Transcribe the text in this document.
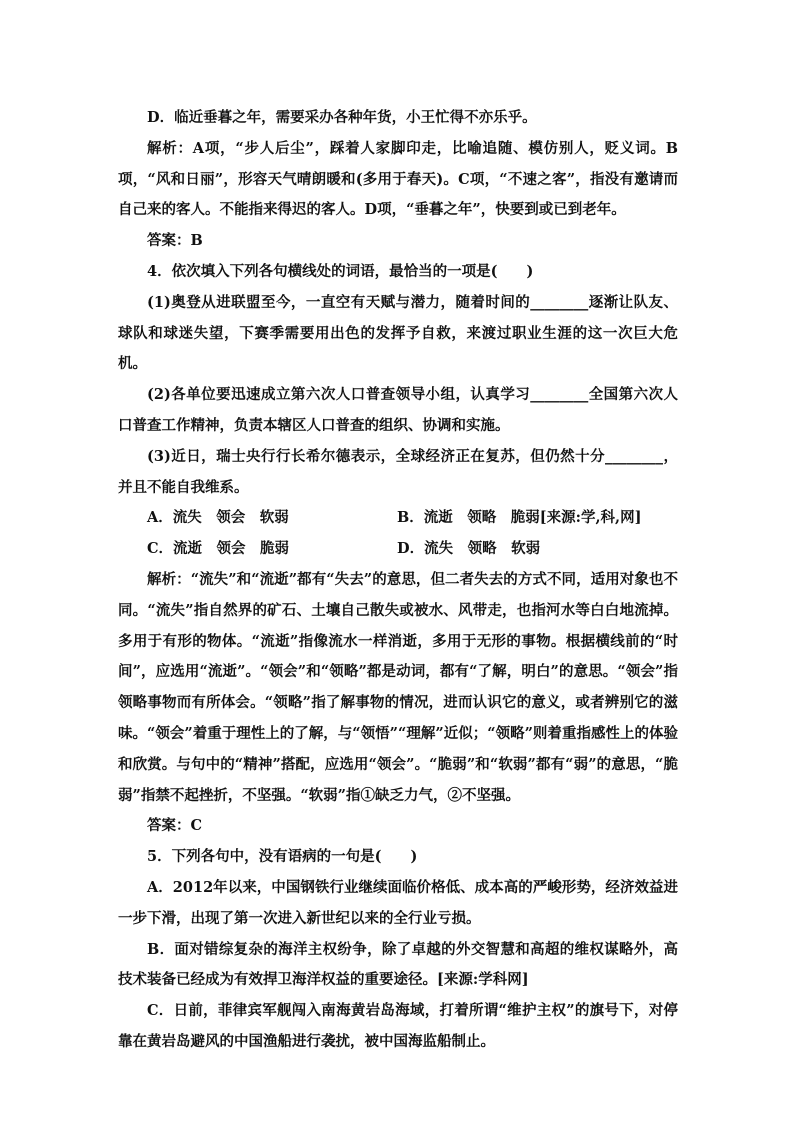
D．临近垂暮之年，需要采办各种年货，小王忙得不亦乐乎。

解析：A项，“步人后尘”，踩着人家脚印走，比喻追随、模仿别人，贬义词。B项，“风和日丽”，形容天气晴朗暖和(多用于春天)。C项，“不速之客”，指没有邀请而自己来的客人。不能指来得迟的客人。D项，“垂暮之年”，快要到或已到老年。

答案：B

4．依次填入下列各句横线处的词语，最恰当的一项是(　　)

(1)奥登从进联盟至今，一直空有天赋与潜力，随着时间的________逐渐让队友、球队和球迷失望，下赛季需要用出色的发挥予自救，来渡过职业生涯的这一次巨大危机。

(2)各单位要迅速成立第六次人口普查领导小组，认真学习________全国第六次人口普查工作精神，负责本辖区人口普查的组织、协调和实施。

(3)近日，瑞士央行行长希尔德表示，全球经济正在复苏，但仍然十分________，并且不能自我维系。

A．流失　领会　软弱	B．流逝　领略　脆弱[来源:学,科,网]
C．流逝　领会　脆弱	D．流失　领略　软弱

解析：“流失”和“流逝”都有“失去”的意思，但二者失去的方式不同，适用对象也不同。“流失”指自然界的矿石、土壤自己散失或被水、风带走，也指河水等白白地流掉。多用于有形的物体。“流逝”指像流水一样消逝，多用于无形的事物。根据横线前的“时间”，应选用“流逝”。“领会”和“领略”都是动词，都有“了解，明白”的意思。“领会”指领略事物而有所体会。“领略”指了解事物的情况，进而认识它的意义，或者辨别它的滋味。“领会”着重于理性上的了解，与“领悟”“理解”近似；“领略”则着重指感性上的体验和欣赏。与句中的“精神”搭配，应选用“领会”。“脆弱”和“软弱”都有“弱”的意思，“脆弱”指禁不起挫折，不坚强。“软弱”指①缺乏力气，②不坚强。

答案：C

5．下列各句中，没有语病的一句是(　　)

A．2012年以来，中国钢铁行业继续面临价格低、成本高的严峻形势，经济效益进一步下滑，出现了第一次进入新世纪以来的全行业亏损。

B．面对错综复杂的海洋主权纷争，除了卓越的外交智慧和高超的维权谋略外，高技术装备已经成为有效捍卫海洋权益的重要途径。[来源:学科网]

C．日前，菲律宾军舰闯入南海黄岩岛海域，打着所谓“维护主权”的旗号下，对停靠在黄岩岛避风的中国渔船进行袭扰，被中国海监船制止。
